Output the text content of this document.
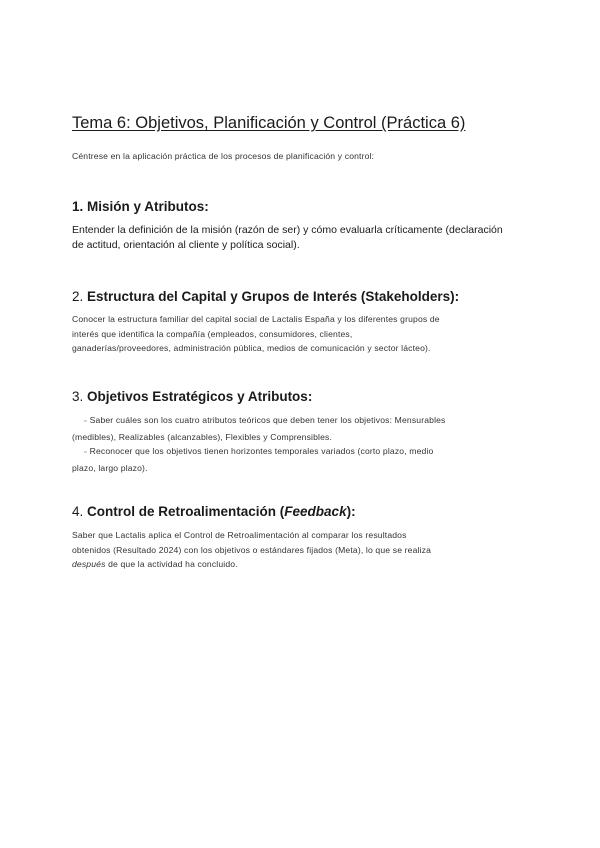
Tema 6: Objetivos, Planificación y Control (Práctica 6)
Céntrese en la aplicación práctica de los procesos de planificación y control:
1. Misión y Atributos:
Entender la definición de la misión (razón de ser) y cómo evaluarla críticamente (declaración
de actitud, orientación al cliente y política social).
2. Estructura del Capital y Grupos de Interés (Stakeholders):
Conocer la estructura familiar del capital social de Lactalis España y los diferentes grupos de
interés que identifica la compañía (empleados, consumidores, clientes,
ganaderías/proveedores, administración pública, medios de comunicación y sector lácteo).
3. Objetivos Estratégicos y Atributos:
▫ Saber cuáles son los cuatro atributos teóricos que deben tener los objetivos: Mensurables
(medibles), Realizables (alcanzables), Flexibles y Comprensibles.
▫ Reconocer que los objetivos tienen horizontes temporales variados (corto plazo, medio
plazo, largo plazo).
4. Control de Retroalimentación (Feedback):
Saber que Lactalis aplica el Control de Retroalimentación al comparar los resultados
obtenidos (Resultado 2024) con los objetivos o estándares fijados (Meta), lo que se realiza
después de que la actividad ha concluido.
